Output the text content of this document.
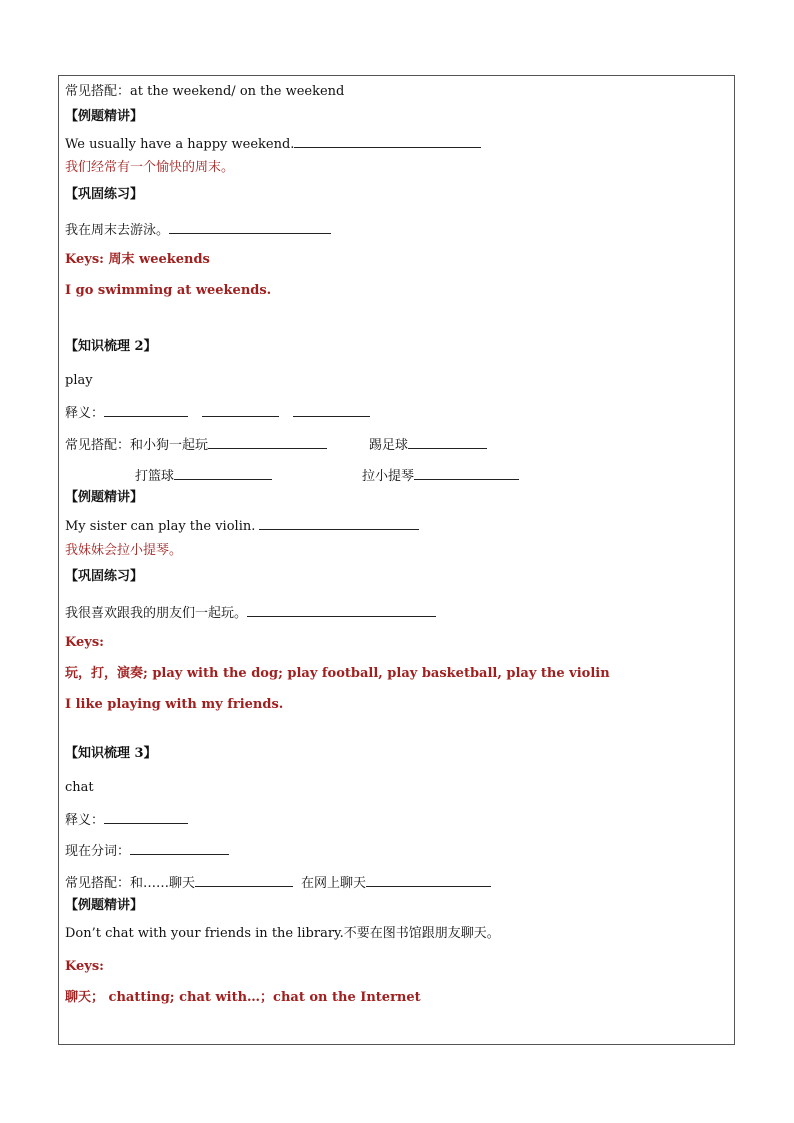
常见搭配：at the weekend/ on the weekend
【例题精讲】
We usually have a happy weekend.
我们经常有一个愉快的周末。
【巩固练习】
我在周末去游泳。
Keys: 周末 weekends
I go swimming at weekends.
【知识梳理 2】
play
释义：
常见搭配：和小狗一起玩	踢足球
打篮球	拉小提琴
【例题精讲】
My sister can play the violin.
我妹妹会拉小提琴。
【巩固练习】
我很喜欢跟我的朋友们一起玩。
Keys:
玩，打，演奏; play with the dog; play football, play basketball, play the violin
I like playing with my friends.
【知识梳理 3】
chat
释义：
现在分词：
常见搭配：和……聊天	在网上聊天
【例题精讲】
Don’t chat with your friends in the library.不要在图书馆跟朋友聊天。
Keys:
聊天； chatting; chat with…；chat on the Internet
